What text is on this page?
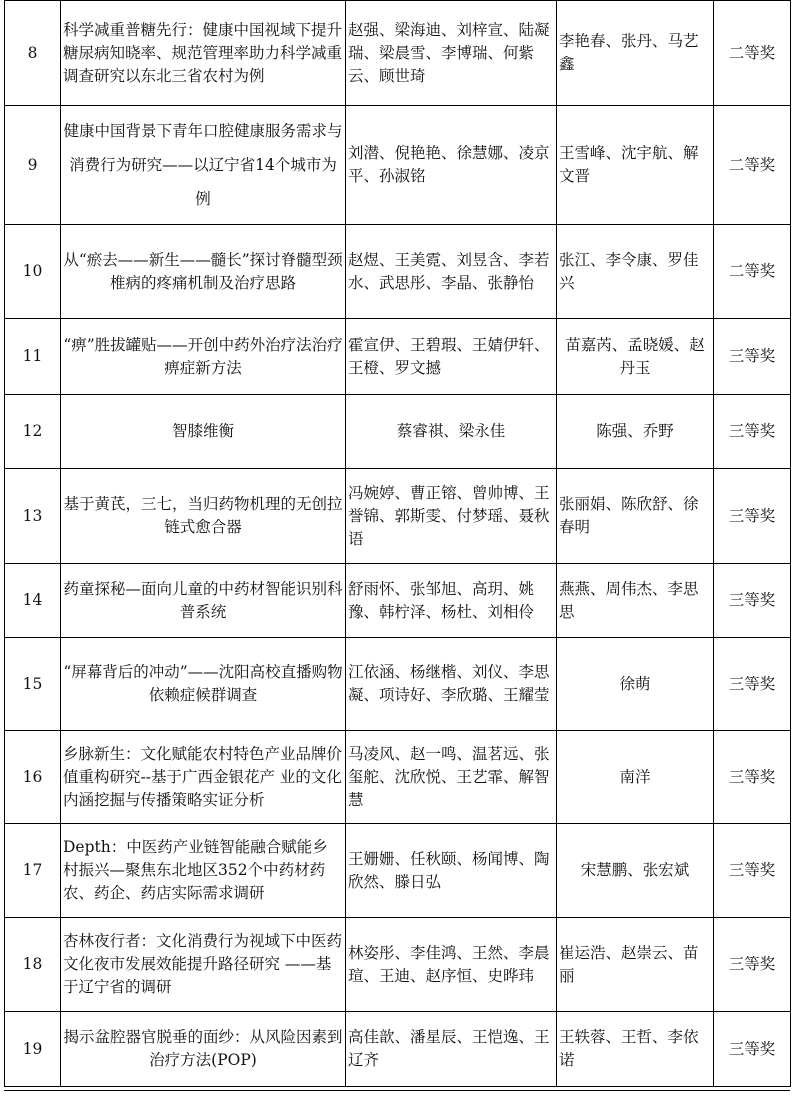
8	科学减重普糖先行：健康中国视域下提升糖尿病知晓率、规范管理率助力科学减重调查研究以东北三省农村为例	赵强、梁海迪、刘梓宣、陆凝瑞、梁晨雪、李博瑞、何紫云、顾世琦	李艳春、张丹、马艺鑫	二等奖
9	健康中国背景下青年口腔健康服务需求与消费行为研究——以辽宁省14个城市为例	刘潜、倪艳艳、徐慧娜、凌京平、孙淑铭	王雪峰、沈宇航、解文晋	二等奖
10	从“瘀去——新生——髓长”探讨脊髓型颈椎病的疼痛机制及治疗思路	赵煜、王美霓、刘昱含、李若水、武思彤、李晶、张静怡	张江、李令康、罗佳兴	二等奖
11	“痹”胜拔罐贴——开创中药外治疗法治疗痹症新方法	霍宣伊、王碧瑕、王婧伊轩、王橙、罗文撼	苗嘉芮、孟晓媛、赵丹玉	三等奖
12	智膝维衡	蔡睿祺、梁永佳	陈强、乔野	三等奖
13	基于黄芪，三七，当归药物机理的无创拉链式愈合器	冯婉婷、曹正镕、曾帅博、王誉锦、郭斯雯、付梦瑶、聂秋语	张丽娟、陈欣舒、徐春明	三等奖
14	药童探秘—面向儿童的中药材智能识别科普系统	舒雨怀、张邹旭、高玥、姚豫、韩柠泽、杨杜、刘相伶	燕燕、周伟杰、李思思	三等奖
15	“屏幕背后的冲动”——沈阳高校直播购物依赖症候群调查	江依涵、杨继楷、刘仪、李思凝、项诗好、李欣璐、王耀莹	徐萌	三等奖
16	乡脉新生：文化赋能农村特色产业品牌价值重构研究--基于广西金银花产 业的文化内涵挖掘与传播策略实证分析	马凌风、赵一鸣、温茗远、张玺舵、沈欣悦、王艺霏、解智慧	南洋	三等奖
17	Depth：中医药产业链智能融合赋能乡村振兴—聚焦东北地区352个中药材药农、药企、药店实际需求调研	王姗姗、任秋颐、杨闻博、陶欣然、滕日弘	宋慧鹏、张宏斌	三等奖
18	杏林夜行者：文化消费行为视域下中医药文化夜市发展效能提升路径研究 ——基于辽宁省的调研	林姿彤、李佳鸿、王然、李晨瑄、王迪、赵序恒、史晔玮	崔运浩、赵崇云、苗丽	三等奖
19	揭示盆腔器官脱垂的面纱：从风险因素到治疗方法(POP)	高佳歆、潘星辰、王恺逸、王辽齐	王轶蓉、王哲、李依诺	三等奖
